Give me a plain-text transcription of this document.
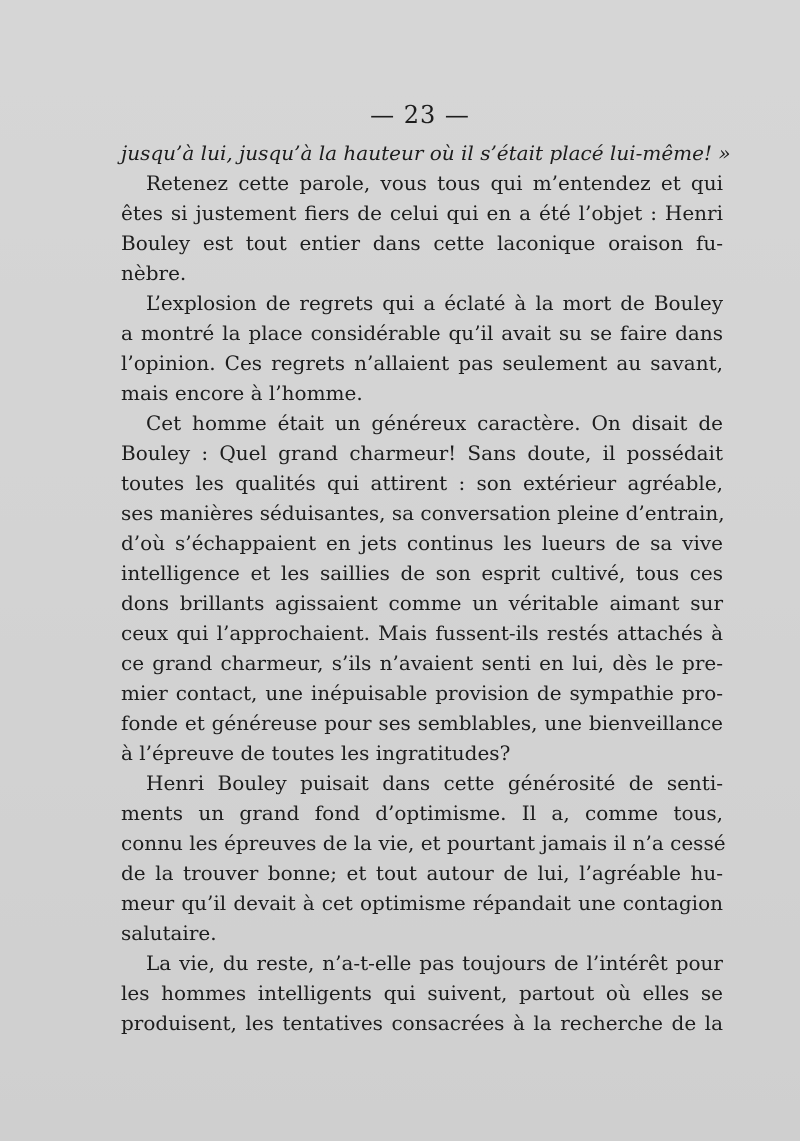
— 23 —
jusqu’à lui, jusqu’à la hauteur où il s’était placé lui-même! »
Retenez cette parole, vous tous qui m’entendez et qui
êtes si justement fiers de celui qui en a été l’objet : Henri
Bouley est tout entier dans cette laconique oraison fu-
nèbre.
L’explosion de regrets qui a éclaté à la mort de Bouley
a montré la place considérable qu’il avait su se faire dans
l’opinion. Ces regrets n’allaient pas seulement au savant,
mais encore à l’homme.
Cet homme était un généreux caractère. On disait de
Bouley : Quel grand charmeur! Sans doute, il possédait
toutes les qualités qui attirent : son extérieur agréable,
ses manières séduisantes, sa conversation pleine d’entrain,
d’où s’échappaient en jets continus les lueurs de sa vive
intelligence et les saillies de son esprit cultivé, tous ces
dons brillants agissaient comme un véritable aimant sur
ceux qui l’approchaient. Mais fussent-ils restés attachés à
ce grand charmeur, s’ils n’avaient senti en lui, dès le pre-
mier contact, une inépuisable provision de sympathie pro-
fonde et généreuse pour ses semblables, une bienveillance
à l’épreuve de toutes les ingratitudes?
Henri Bouley puisait dans cette générosité de senti-
ments un grand fond d’optimisme. Il a, comme tous,
connu les épreuves de la vie, et pourtant jamais il n’a cessé
de la trouver bonne; et tout autour de lui, l’agréable hu-
meur qu’il devait à cet optimisme répandait une contagion
salutaire.
La vie, du reste, n’a-t-elle pas toujours de l’intérêt pour
les hommes intelligents qui suivent, partout où elles se
produisent, les tentatives consacrées à la recherche de la
